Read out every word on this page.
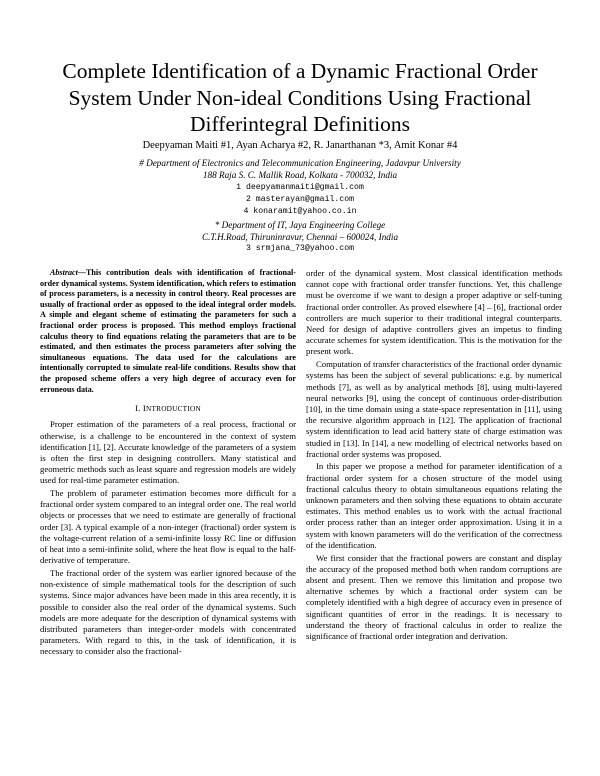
Complete Identification of a Dynamic Fractional Order System Under Non-ideal Conditions Using Fractional Differintegral Definitions
Deepyaman Maiti #1, Ayan Acharya #2, R. Janarthanan *3, Amit Konar #4
# Department of Electronics and Telecommunication Engineering, Jadavpur University
188 Raja S. C. Mallik Road, Kolkata - 700032, India
1 deepyamanmaiti@gmail.com
2 masterayan@gmail.com
4 konaramit@yahoo.co.in
* Department of IT, Jaya Engineering College
C.T.H.Road, Thiruninravur, Chennai – 600024, India
3 srmjana_73@yahoo.com

Abstract—This contribution deals with identification of fractional-order dynamical systems. System identification, which refers to estimation of process parameters, is a necessity in control theory. Real processes are usually of fractional order as opposed to the ideal integral order models. A simple and elegant scheme of estimating the parameters for such a fractional order process is proposed. This method employs fractional calculus theory to find equations relating the parameters that are to be estimated, and then estimates the process parameters after solving the simultaneous equations. The data used for the calculations are intentionally corrupted to simulate real-life conditions. Results show that the proposed scheme offers a very high degree of accuracy even for erroneous data.

I. INTRODUCTION

Proper estimation of the parameters of a real process, fractional or otherwise, is a challenge to be encountered in the context of system identification [1], [2]. Accurate knowledge of the parameters of a system is often the first step in designing controllers. Many statistical and geometric methods such as least square and regression models are widely used for real-time parameter estimation.

The problem of parameter estimation becomes more difficult for a fractional order system compared to an integral order one. The real world objects or processes that we need to estimate are generally of fractional order [3]. A typical example of a non-integer (fractional) order system is the voltage-current relation of a semi-infinite lossy RC line or diffusion of heat into a semi-infinite solid, where the heat flow is equal to the half-derivative of temperature.

The fractional order of the system was earlier ignored because of the non-existence of simple mathematical tools for the description of such systems. Since major advances have been made in this area recently, it is possible to consider also the real order of the dynamical systems. Such models are more adequate for the description of dynamical systems with distributed parameters than integer-order models with concentrated parameters. With regard to this, in the task of identification, it is necessary to consider also the fractional-

order of the dynamical system. Most classical identification methods cannot cope with fractional order transfer functions. Yet, this challenge must be overcome if we want to design a proper adaptive or self-tuning fractional order controller. As proved elsewhere [4] – [6], fractional order controllers are much superior to their traditional integral counterparts. Need for design of adaptive controllers gives an impetus to finding accurate schemes for system identification. This is the motivation for the present work.

Computation of transfer characteristics of the fractional order dynamic systems has been the subject of several publications: e.g. by numerical methods [7], as well as by analytical methods [8], using multi-layered neural networks [9], using the concept of continuous order-distribution [10], in the time domain using a state-space representation in [11], using the recursive algorithm approach in [12]. The application of fractional system identification to lead acid battery state of charge estimation was studied in [13]. In [14], a new modelling of electrical networks based on fractional order systems was proposed.

In this paper we propose a method for parameter identification of a fractional order system for a chosen structure of the model using fractional calculus theory to obtain simultaneous equations relating the unknown parameters and then solving these equations to obtain accurate estimates. This method enables us to work with the actual fractional order process rather than an integer order approximation. Using it in a system with known parameters will do the verification of the correctness of the identification.

We first consider that the fractional powers are constant and display the accuracy of the proposed method both when random corruptions are absent and present. Then we remove this limitation and propose two alternative schemes by which a fractional order system can be completely identified with a high degree of accuracy even in presence of significant quantities of error in the readings. It is necessary to understand the theory of fractional calculus in order to realize the significance of fractional order integration and derivation.
